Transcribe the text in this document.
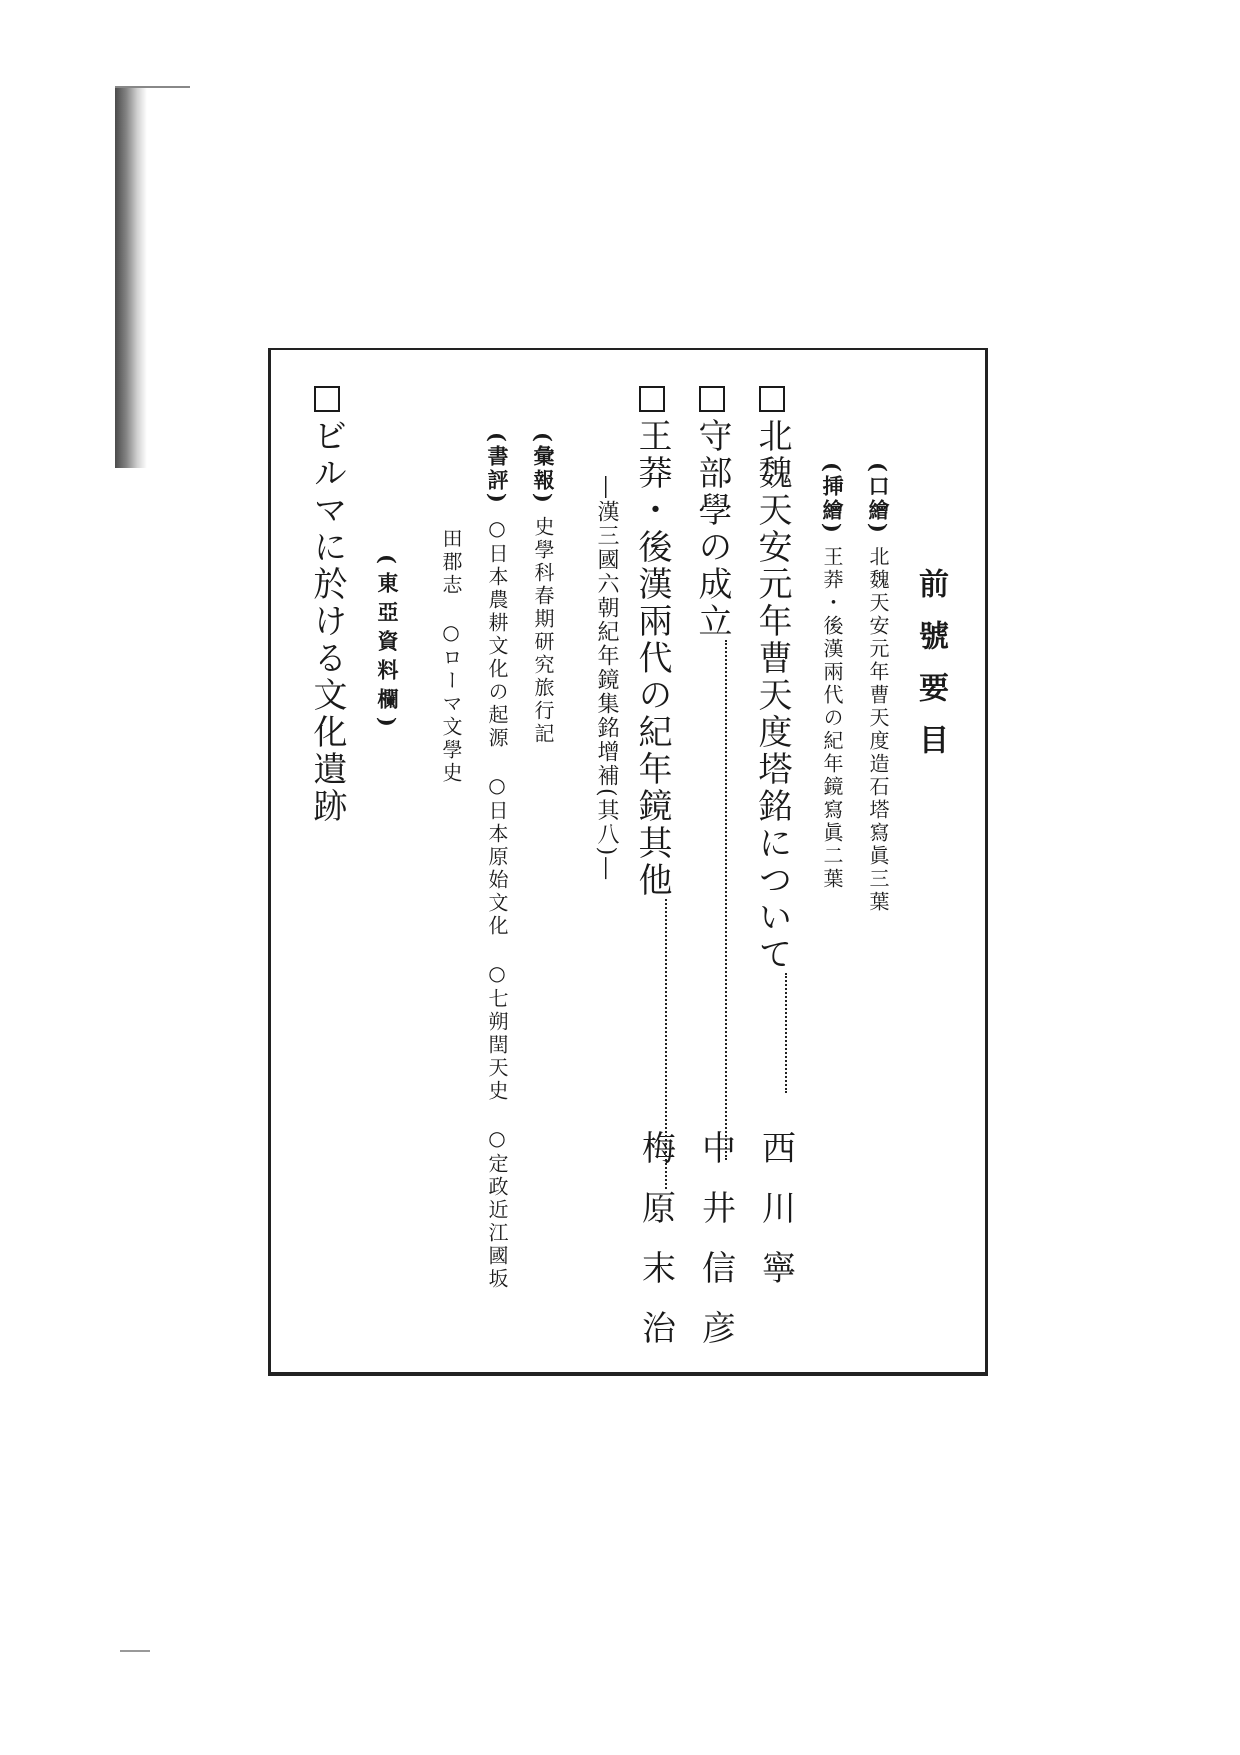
前號要目
(口繪)北魏天安元年曹天度造石塔寫眞三葉
(挿繪)王莽・後漢兩代の紀年鏡寫眞二葉
北魏天安元年曹天度塔銘について
西
川
寧
守部學の成立
中
井
信
彦
王莽・後漢兩代の紀年鏡其他
梅
原
末
治
―漢三國六朝紀年鏡集銘增補(其八)―
(彙報)史學科春期研究旅行記
(書評)○日本農耕文化の起源　○日本原始文化　○七朔閏天史　○定政近江國坂
田郡志　○ローマ文學史
(東亞資料欄)
ビルマに於ける文化遺跡
